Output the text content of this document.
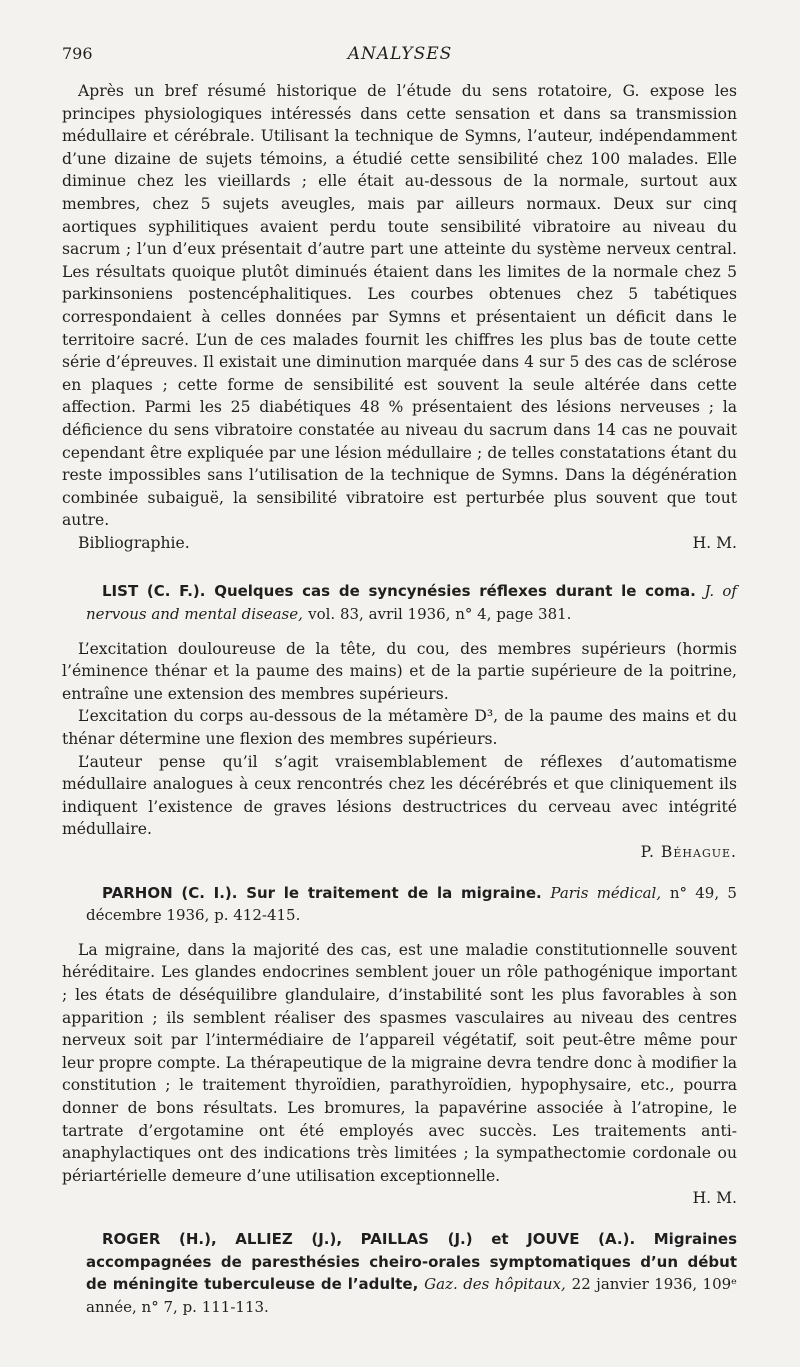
796	ANALYSES

Après un bref résumé historique de l’étude du sens rotatoire, G. expose les principes physiologiques intéressés dans cette sensation et dans sa transmission médullaire et cérébrale. Utilisant la technique de Symns, l’auteur, indépendamment d’une dizaine de sujets témoins, a étudié cette sensibilité chez 100 malades. Elle diminue chez les vieillards ; elle était au-dessous de la normale, surtout aux membres, chez 5 sujets aveugles, mais par ailleurs normaux. Deux sur cinq aortiques syphilitiques avaient perdu toute sensibilité vibratoire au niveau du sacrum ; l’un d’eux présentait d’autre part une atteinte du système nerveux central. Les résultats quoique plutôt diminués étaient dans les limites de la normale chez 5 parkinsoniens postencéphalitiques. Les courbes obtenues chez 5 tabétiques correspondaient à celles données par Symns et présentaient un déficit dans le territoire sacré. L’un de ces malades fournit les chiffres les plus bas de toute cette série d’épreuves. Il existait une diminution marquée dans 4 sur 5 des cas de sclérose en plaques ; cette forme de sensibilité est souvent la seule altérée dans cette affection. Parmi les 25 diabétiques 48 % présentaient des lésions nerveuses ; la déficience du sens vibratoire constatée au niveau du sacrum dans 14 cas ne pouvait cependant être expliquée par une lésion médullaire ; de telles constatations étant du reste impossibles sans l’utilisation de la technique de Symns. Dans la dégénération combinée subaiguë, la sensibilité vibratoire est perturbée plus souvent que tout autre.

Bibliographie.	H. M.

LIST (C. F.). Quelques cas de syncynésies réflexes durant le coma. J. of nervous and mental disease, vol. 83, avril 1936, n° 4, page 381.

L’excitation douloureuse de la tête, du cou, des membres supérieurs (hormis l’éminence thénar et la paume des mains) et de la partie supérieure de la poitrine, entraîne une extension des membres supérieurs.

L’excitation du corps au-dessous de la métamère D³, de la paume des mains et du thénar détermine une flexion des membres supérieurs.

L’auteur pense qu’il s’agit vraisemblablement de réflexes d’automatisme médullaire analogues à ceux rencontrés chez les décérébrés et que cliniquement ils indiquent l’existence de graves lésions destructrices du cerveau avec intégrité médullaire.

P. Béhague.

PARHON (C. I.). Sur le traitement de la migraine. Paris médical, n° 49, 5 décembre 1936, p. 412-415.

La migraine, dans la majorité des cas, est une maladie constitutionnelle souvent héréditaire. Les glandes endocrines semblent jouer un rôle pathogénique important ; les états de déséquilibre glandulaire, d’instabilité sont les plus favorables à son apparition ; ils semblent réaliser des spasmes vasculaires au niveau des centres nerveux soit par l’intermédiaire de l’appareil végétatif, soit peut-être même pour leur propre compte. La thérapeutique de la migraine devra tendre donc à modifier la constitution ; le traitement thyroïdien, parathyroïdien, hypophysaire, etc., pourra donner de bons résultats. Les bromures, la papavérine associée à l’atropine, le tartrate d’ergotamine ont été employés avec succès. Les traitements anti-anaphylactiques ont des indications très limitées ; la sympathectomie cordonale ou périartérielle demeure d’une utilisation exceptionnelle.

H. M.

ROGER (H.), ALLIEZ (J.), PAILLAS (J.) et JOUVE (A.). Migraines accompagnées de paresthésies cheiro-orales symptomatiques d’un début de méningite tuberculeuse de l’adulte, Gaz. des hôpitaux, 22 janvier 1936, 109ᵉ année, n° 7, p. 111-113.
